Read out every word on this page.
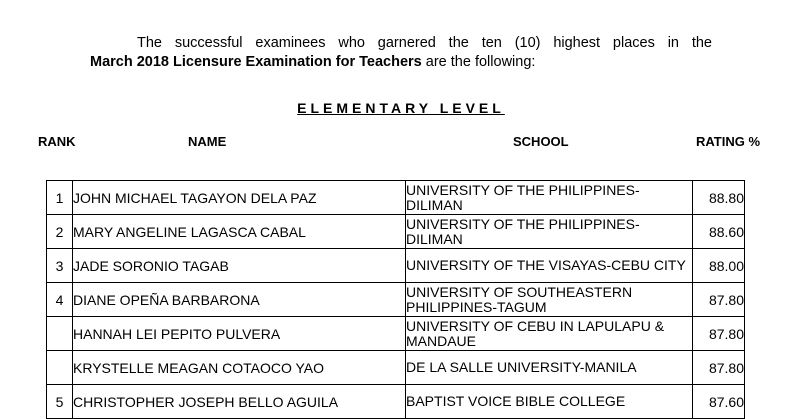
The successful examinees who garnered the ten (10) highest places in the
March 2018 Licensure Examination for Teachers are the following:
ELEMENTARY LEVEL
RANK	NAME	SCHOOL	RATING %
1	JOHN MICHAEL TAGAYON DELA PAZ	UNIVERSITY OF THE PHILIPPINES-DILIMAN	88.80
2	MARY ANGELINE LAGASCA CABAL	UNIVERSITY OF THE PHILIPPINES-DILIMAN	88.60
3	JADE SORONIO TAGAB	UNIVERSITY OF THE VISAYAS-CEBU CITY	88.00
4	DIANE OPEÑA BARBARONA	UNIVERSITY OF SOUTHEASTERN PHILIPPINES-TAGUM	87.80
	HANNAH LEI PEPITO PULVERA	UNIVERSITY OF CEBU IN LAPULAPU & MANDAUE	87.80
	KRYSTELLE MEAGAN COTAOCO YAO	DE LA SALLE UNIVERSITY-MANILA	87.80
5	CHRISTOPHER JOSEPH BELLO AGUILA	BAPTIST VOICE BIBLE COLLEGE	87.60
